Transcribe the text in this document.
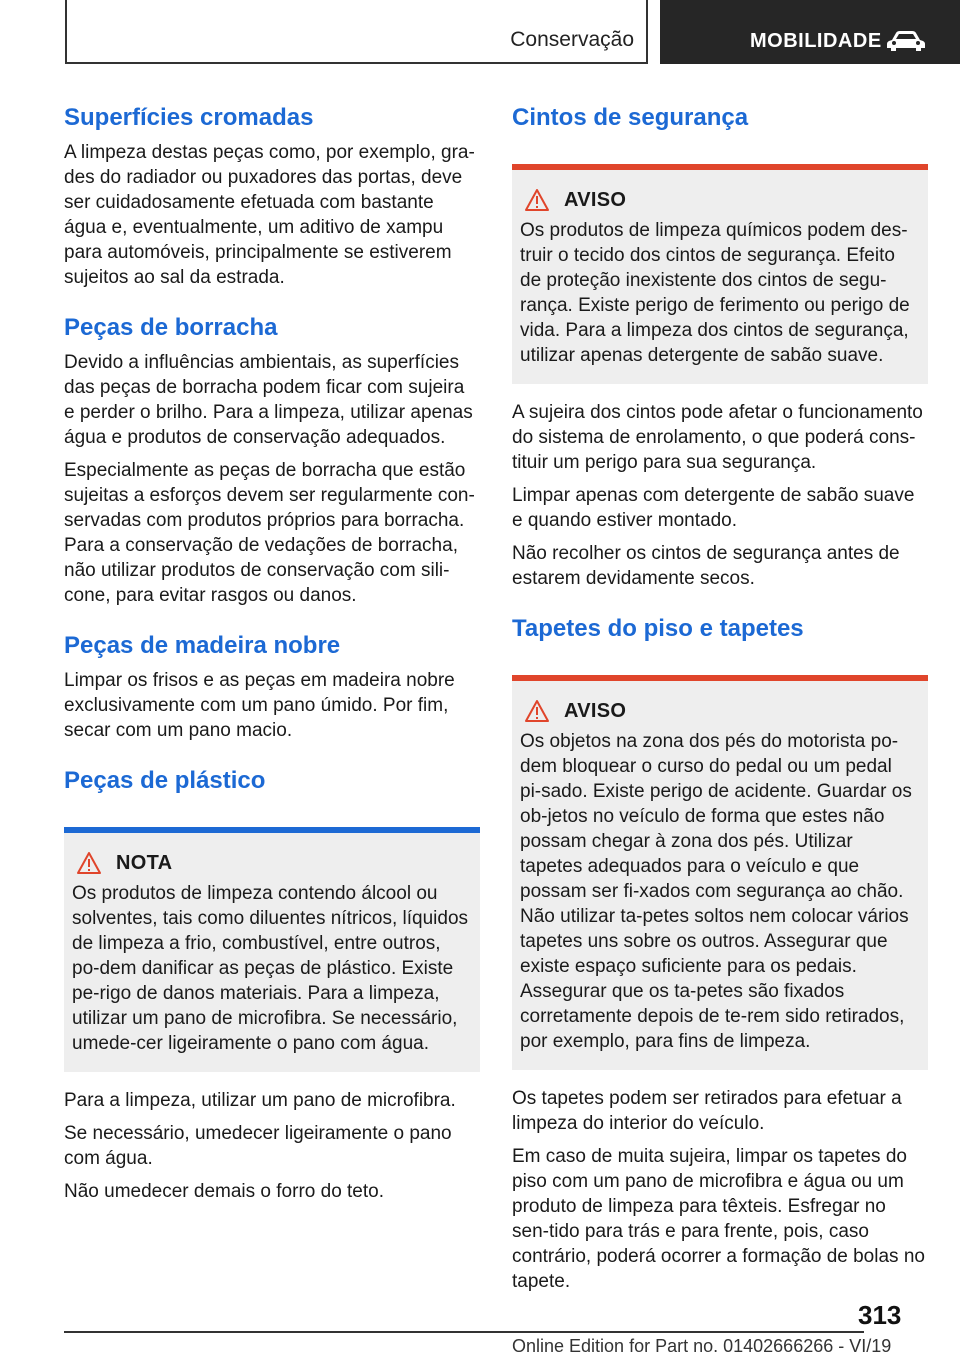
Conservação	MOBILIDADE
Superfícies cromadas

A limpeza destas peças como, por exemplo, gra-des do radiador ou puxadores das portas, deve ser cuidadosamente efetuada com bastante água e, eventualmente, um aditivo de xampu para automóveis, principalmente se estiverem sujeitos ao sal da estrada.

Peças de borracha

Devido a influências ambientais, as superfícies das peças de borracha podem ficar com sujeira e perder o brilho. Para a limpeza, utilizar apenas água e produtos de conservação adequados.

Especialmente as peças de borracha que estão sujeitas a esforços devem ser regularmente con-servadas com produtos próprios para borracha. Para a conservação de vedações de borracha, não utilizar produtos de conservação com sili-cone, para evitar rasgos ou danos.

Peças de madeira nobre

Limpar os frisos e as peças em madeira nobre exclusivamente com um pano úmido. Por fim, secar com um pano macio.

Peças de plástico
NOTA

Os produtos de limpeza contendo álcool ou solventes, tais como diluentes nítricos, líquidos de limpeza a frio, combustível, entre outros, po-dem danificar as peças de plástico. Existe pe-rigo de danos materiais. Para a limpeza, utilizar um pano de microfibra. Se necessário, umede-cer ligeiramente o pano com água.

Para a limpeza, utilizar um pano de microfibra.

Se necessário, umedecer ligeiramente o pano com água.

Não umedecer demais o forro do teto.

Cintos de segurança
AVISO

Os produtos de limpeza químicos podem des-truir o tecido dos cintos de segurança. Efeito de proteção inexistente dos cintos de segu-rança. Existe perigo de ferimento ou perigo de vida. Para a limpeza dos cintos de segurança, utilizar apenas detergente de sabão suave.

A sujeira dos cintos pode afetar o funcionamento do sistema de enrolamento, o que poderá cons-tituir um perigo para sua segurança.

Limpar apenas com detergente de sabão suave e quando estiver montado.

Não recolher os cintos de segurança antes de estarem devidamente secos.

Tapetes do piso e tapetes
AVISO

Os objetos na zona dos pés do motorista po-dem bloquear o curso do pedal ou um pedal pi-sado. Existe perigo de acidente. Guardar os ob-jetos no veículo de forma que estes não possam chegar à zona dos pés. Utilizar tapetes adequados para o veículo e que possam ser fi-xados com segurança ao chão. Não utilizar ta-petes soltos nem colocar vários tapetes uns sobre os outros. Assegurar que existe espaço suficiente para os pedais. Assegurar que os ta-petes são fixados corretamente depois de te-rem sido retirados, por exemplo, para fins de limpeza.

Os tapetes podem ser retirados para efetuar a limpeza do interior do veículo.

Em caso de muita sujeira, limpar os tapetes do piso com um pano de microfibra e água ou um produto de limpeza para têxteis. Esfregar no sen-tido para trás e para frente, pois, caso contrário, poderá ocorrer a formação de bolas no tapete.

313
Online Edition for Part no. 01402666266 - VI/19
